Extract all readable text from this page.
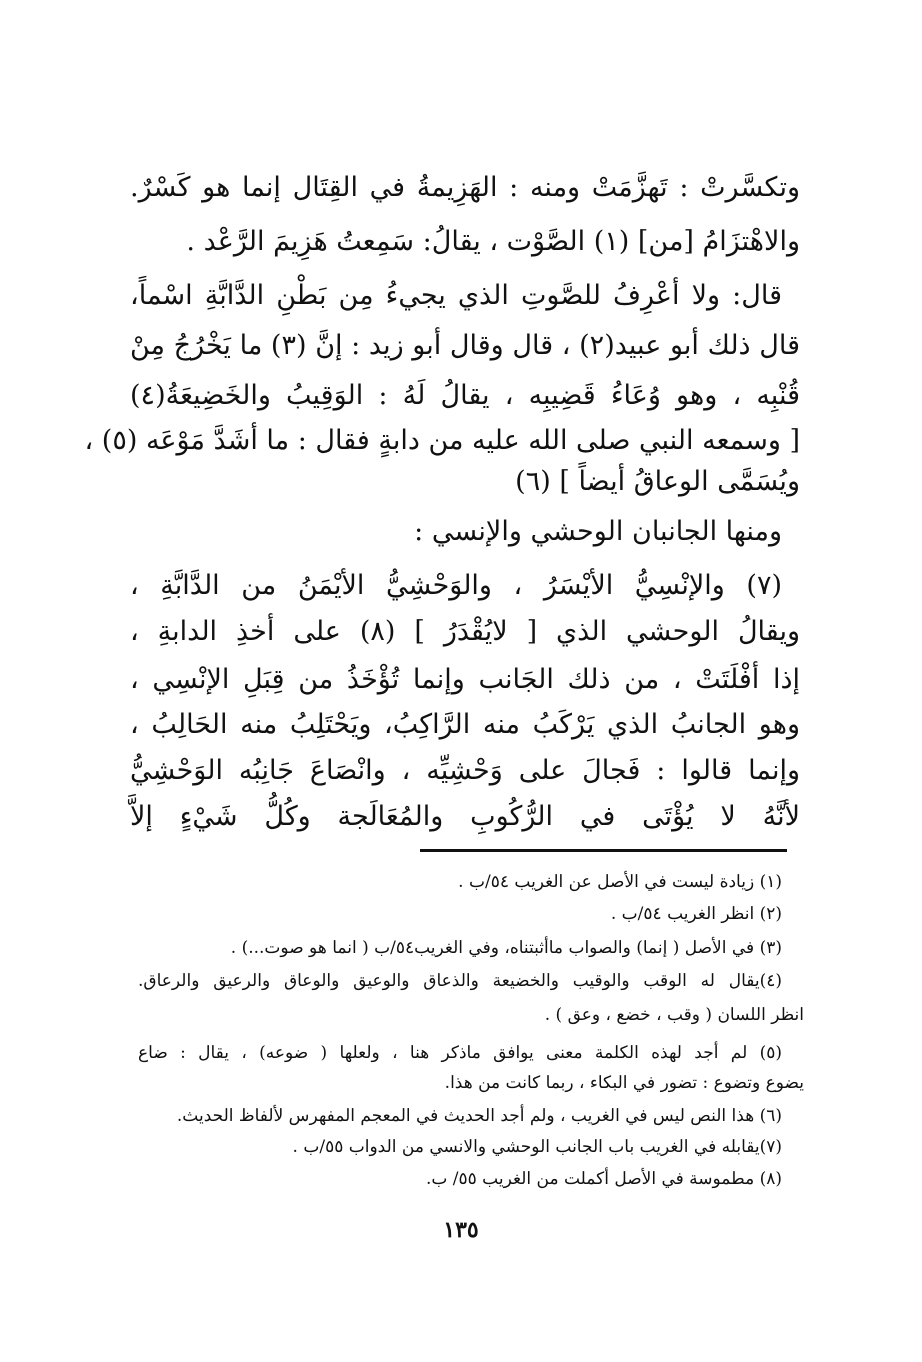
وتكسَّرتْ : تَهزَّمَتْ ومنه : الهَزِيمةُ في القِتَال إنما هو كَسْرٌ.
والاهْتزَامُ [من] (١) الصَّوْت ، يقالُ: سَمِعتُ هَزِيمَ الرَّعْد .
قال: ولا أعْرِفُ للصَّوتِ الذي يجيءُ مِن بَطْنِ الدَّابَّةِ اسْماً،
قال ذلك أبو عبيد(٢) ، قال وقال أبو زيد : إنَّ (٣) ما يَخْرُجُ مِنْ
قُنْبِه ، وهو وُعَاءُ قَضِيبِه ، يقالُ لَهُ : الوَقِيبُ والخَضِيعَةُ(٤)
[ وسمعه النبي صلى الله عليه من دابةٍ فقال : ما أشَدَّ مَوْعَه (٥) ،
ويُسَمَّى الوعاقُ أيضاً ] (٦)
ومنها الجانبان الوحشي والإنسي :
(٧) والإنْسِيُّ الأيْسَرُ ، والوَحْشِيُّ الأيْمَنُ من الدَّابَّةِ ،
ويقالُ الوحشي الذي [ لايُقْدَرُ ] (٨) على أخذِ الدابةِ ،
إذا أفْلَتَتْ ، من ذلك الجَانب وإنما تُؤْخَذُ من قِبَلِ الإنْسِي ،
وهو الجانبُ الذي يَرْكَبُ منه الرَّاكِبُ، ويَحْتَلِبُ منه الحَالِبُ ،
وإنما قالوا : فَجالَ على وَحْشِيِّه ، وانْصَاعَ جَانِبُه الوَحْشِيُّ
لأنَّهُ لا يُؤْتَى في الرُّكُوبِ والمُعَالَجة وكُلُّ شَيْءٍ إلاَّ
(١) زيادة ليست في الأصل عن الغريب ٥٤/ب .
(٢) انظر الغريب ٥٤/ب .
(٣) في الأصل ( إنما) والصواب ماأثبتناه، وفي الغريب٥٤/ب ( انما هو صوت...) .
(٤)يقال له الوقب والوقيب والخضيعة والذعاق والوعيق والوعاق والرعيق والرعاق.
انظر اللسان ( وقب ، خضع ، وعق ) .
(٥) لم أجد لهذه الكلمة معنى يوافق ماذكر هنا ، ولعلها ( ضوعه) ، يقال : ضاع
يضوع وتضوع : تضور في البكاء ، ربما كانت من هذا.
(٦) هذا النص ليس في الغريب ، ولم أجد الحديث في المعجم المفهرس لألفاظ الحديث.
(٧)يقابله في الغريب باب الجانب الوحشي والانسي من الدواب ٥٥/ب .
(٨) مطموسة في الأصل أكملت من الغريب ٥٥/ ب.
١٣٥
